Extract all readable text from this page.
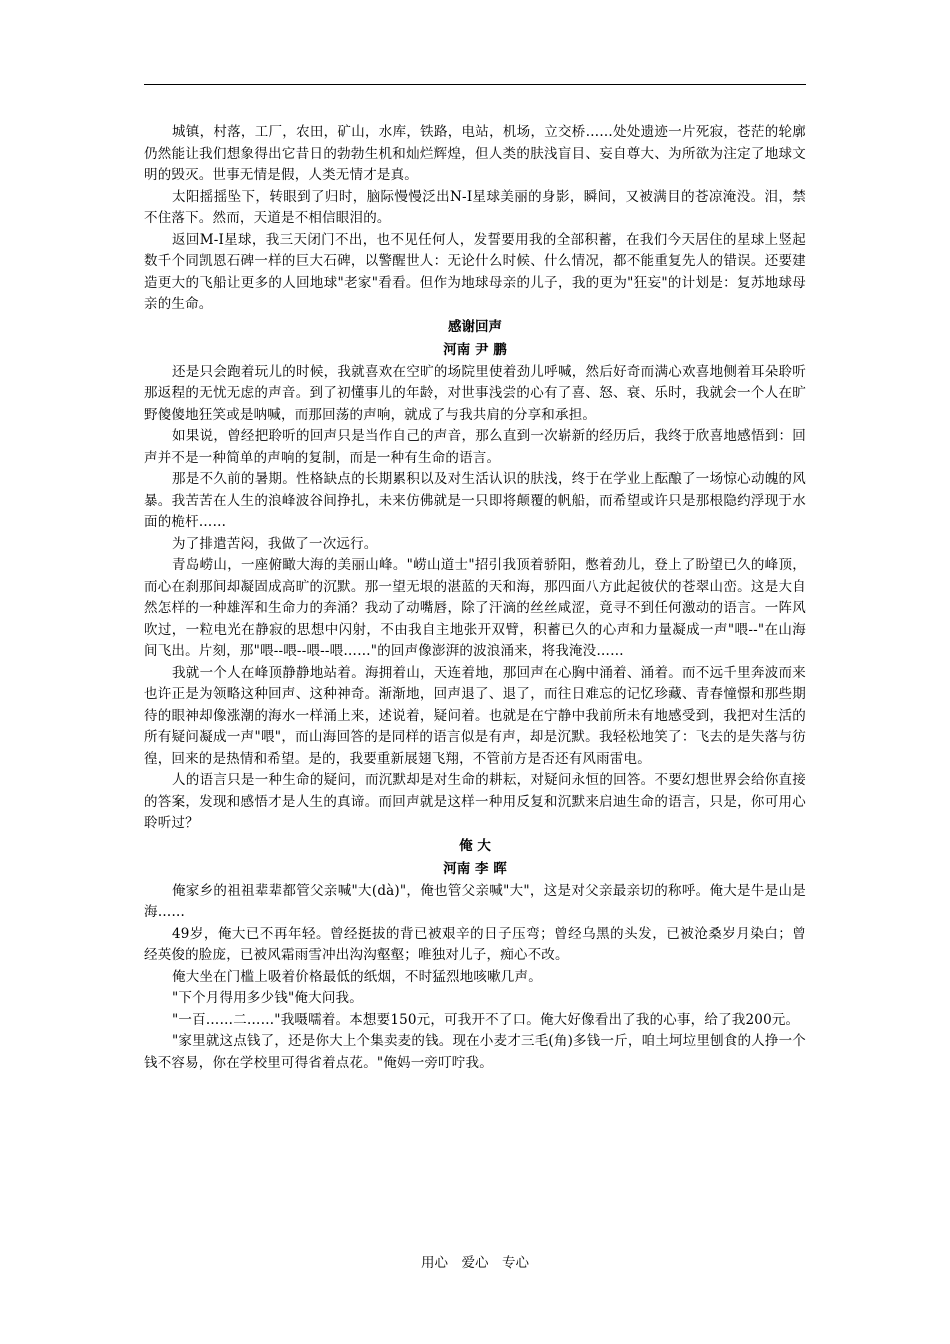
城镇，村落，工厂，农田，矿山，水库，铁路，电站，机场，立交桥……处处遗迹一片死寂，苍茫的轮廓仍然能让我们想象得出它昔日的勃勃生机和灿烂辉煌，但人类的肤浅盲目、妄自尊大、为所欲为注定了地球文明的毁灭。世事无情是假，人类无情才是真。

太阳摇摇坠下，转眼到了归时，脑际慢慢泛出N-I星球美丽的身影，瞬间，又被满目的苍凉淹没。泪，禁不住落下。然而，天道是不相信眼泪的。

返回M-I星球，我三天闭门不出，也不见任何人，发誓要用我的全部积蓄，在我们今天居住的星球上竖起数千个同凯恩石碑一样的巨大石碑，以警醒世人：无论什么时候、什么情况，都不能重复先人的错误。还要建造更大的飞船让更多的人回地球"老家"看看。但作为地球母亲的儿子，我的更为"狂妄"的计划是：复苏地球母亲的生命。

感谢回声
河南 尹 鹏

还是只会跑着玩儿的时候，我就喜欢在空旷的场院里使着劲儿呼喊，然后好奇而满心欢喜地侧着耳朵聆听那返程的无忧无虑的声音。到了初懂事儿的年龄，对世事浅尝的心有了喜、怒、衰、乐时，我就会一个人在旷野傻傻地狂笑或是呐喊，而那回荡的声响，就成了与我共肩的分享和承担。

如果说，曾经把聆听的回声只是当作自己的声音，那么直到一次崭新的经历后，我终于欣喜地感悟到：回声并不是一种简单的声响的复制，而是一种有生命的语言。

那是不久前的暑期。性格缺点的长期累积以及对生活认识的肤浅，终于在学业上酝酿了一场惊心动魄的风暴。我苦苦在人生的浪峰波谷间挣扎，未来仿佛就是一只即将颠覆的帆船，而希望或许只是那根隐约浮现于水面的桅杆……

为了排遣苦闷，我做了一次远行。

青岛崂山，一座俯瞰大海的美丽山峰。"崂山道士"招引我顶着骄阳，憋着劲儿，登上了盼望已久的峰顶，而心在刹那间却凝固成高旷的沉默。那一望无垠的湛蓝的天和海，那四面八方此起彼伏的苍翠山峦。这是大自然怎样的一种雄浑和生命力的奔涌？我动了动嘴唇，除了汗滴的丝丝咸涩，竟寻不到任何激动的语言。一阵风吹过，一粒电光在静寂的思想中闪射，不由我自主地张开双臂，积蓄已久的心声和力量凝成一声"喂--"在山海间飞出。片刻，那"喂--喂--喂--喂……"的回声像澎湃的波浪涌来，将我淹没……

我就一个人在峰顶静静地站着。海拥着山，天连着地，那回声在心胸中涌着、涌着。而不远千里奔波而来也许正是为领略这种回声、这种神奇。渐渐地，回声退了、退了，而往日难忘的记忆珍藏、青春憧憬和那些期待的眼神却像涨潮的海水一样涌上来，述说着，疑问着。也就是在宁静中我前所未有地感受到，我把对生活的所有疑问凝成一声"喂"，而山海回答的是同样的语言似是有声，却是沉默。我轻松地笑了：飞去的是失落与彷徨，回来的是热情和希望。是的，我要重新展翅飞翔，不管前方是否还有风雨雷电。

人的语言只是一种生命的疑问，而沉默却是对生命的耕耘，对疑问永恒的回答。不要幻想世界会给你直接的答案，发现和感悟才是人生的真谛。而回声就是这样一种用反复和沉默来启迪生命的语言，只是，你可用心聆听过？

俺 大
河南 李 晖

俺家乡的祖祖辈辈都管父亲喊"大(dà)"，俺也管父亲喊"大"，这是对父亲最亲切的称呼。俺大是牛是山是海……

49岁，俺大已不再年轻。曾经挺拔的背已被艰辛的日子压弯；曾经乌黑的头发，已被沧桑岁月染白；曾经英俊的脸庞，已被风霜雨雪冲出沟沟壑壑；唯独对儿子，痴心不改。

俺大坐在门槛上吸着价格最低的纸烟，不时猛烈地咳嗽几声。

"下个月得用多少钱"俺大问我。

"一百……二……"我嗫嚅着。本想要150元，可我开不了口。俺大好像看出了我的心事，给了我200元。

"家里就这点钱了，还是你大上个集卖麦的钱。现在小麦才三毛(角)多钱一斤，咱土坷垃里刨食的人挣一个钱不容易，你在学校里可得省着点花。"俺妈一旁叮咛我。

用心　爱心　专心
